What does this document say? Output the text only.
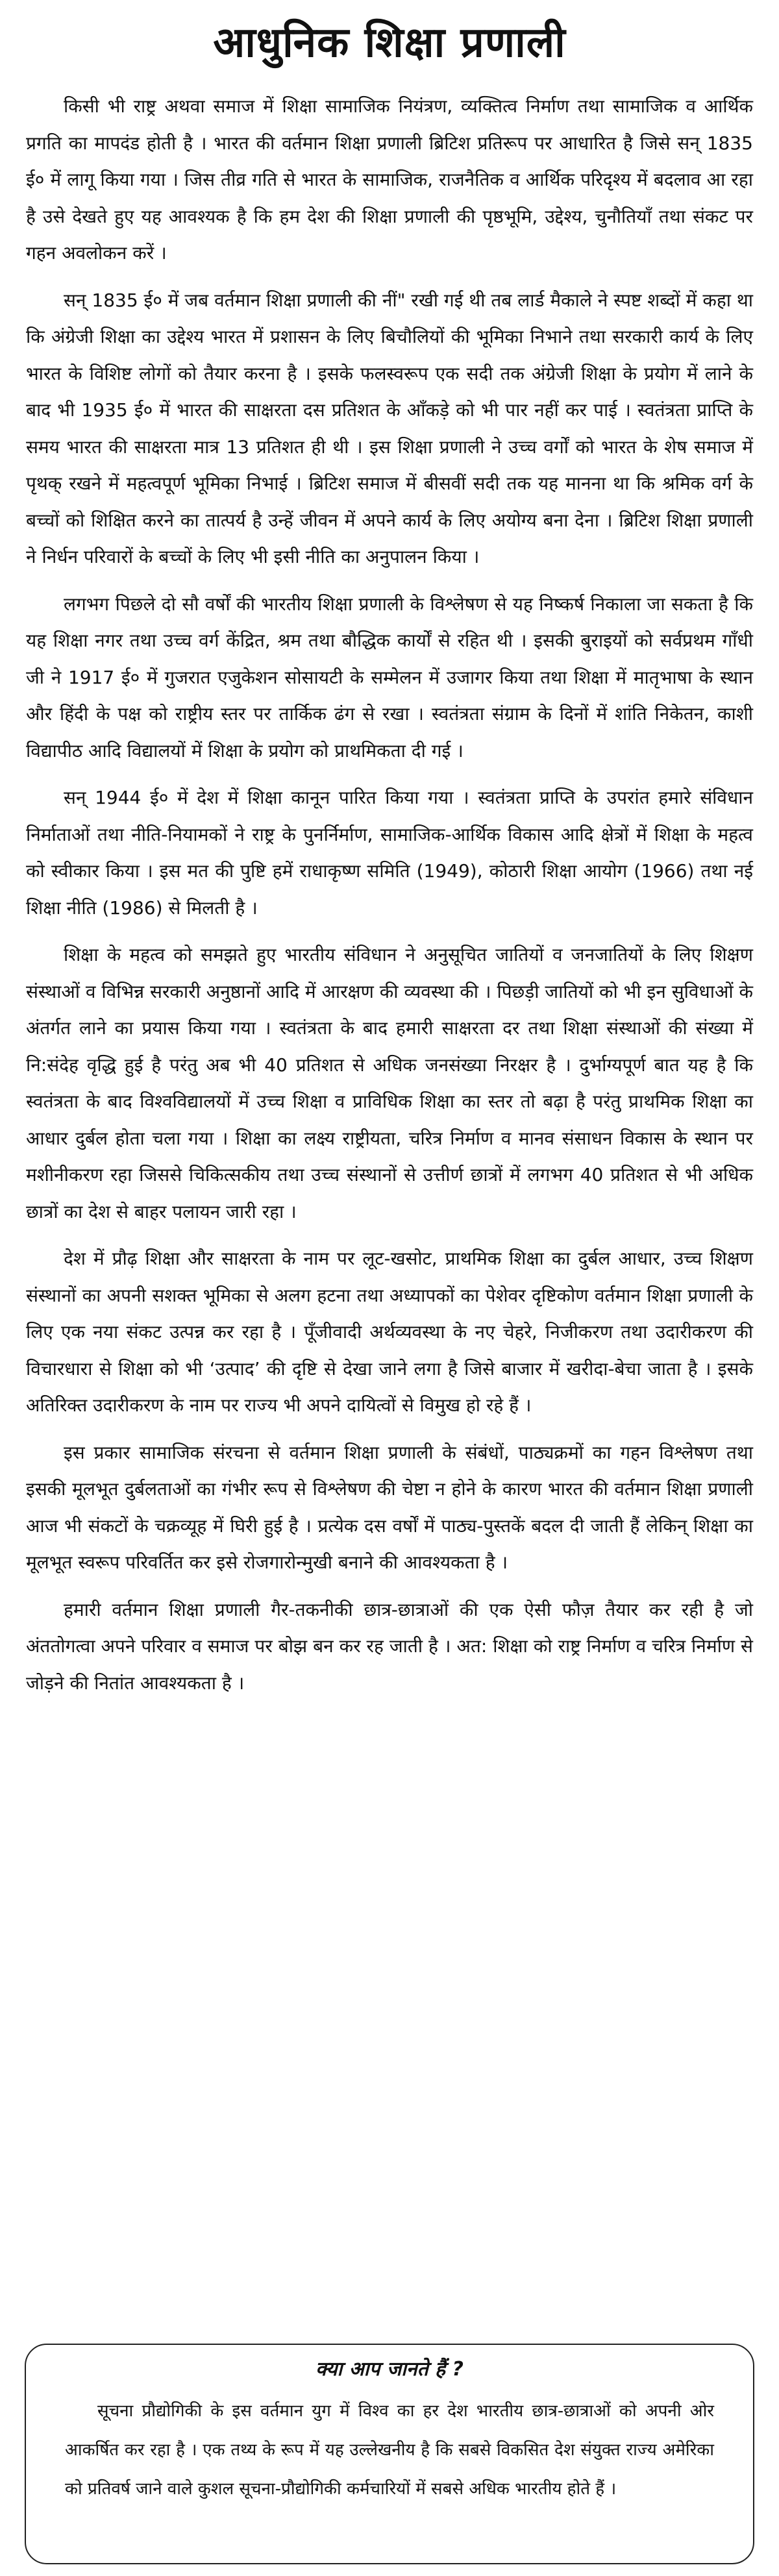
आधुनिक शिक्षा प्रणाली

किसी भी राष्ट्र अथवा समाज में शिक्षा सामाजिक नियंत्रण, व्यक्तित्व निर्माण तथा सामाजिक व आर्थिक प्रगति का मापदंड होती है । भारत की वर्तमान शिक्षा प्रणाली ब्रिटिश प्रतिरूप पर आधारित है जिसे सन् 1835 ई० में लागू किया गया । जिस तीव्र गति से भारत के सामाजिक, राजनैतिक व आर्थिक परिदृश्य में बदलाव आ रहा है उसे देखते हुए यह आवश्यक है कि हम देश की शिक्षा प्रणाली की पृष्ठभूमि, उद्देश्य, चुनौतियाँ तथा संकट पर गहन अवलोकन करें ।

सन् 1835 ई० में जब वर्तमान शिक्षा प्रणाली की नीं" रखी गई थी तब लार्ड मैकाले ने स्पष्ट शब्दों में कहा था कि अंग्रेजी शिक्षा का उद्देश्य भारत में प्रशासन के लिए बिचौलियों की भूमिका निभाने तथा सरकारी कार्य के लिए भारत के विशिष्ट लोगों को तैयार करना है । इसके फलस्वरूप एक सदी तक अंग्रेजी शिक्षा के प्रयोग में लाने के बाद भी 1935 ई० में भारत की साक्षरता दस प्रतिशत के आँकड़े को भी पार नहीं कर पाई । स्वतंत्रता प्राप्ति के समय भारत की साक्षरता मात्र 13 प्रतिशत ही थी । इस शिक्षा प्रणाली ने उच्च वर्गों को भारत के शेष समाज में पृथक् रखने में महत्वपूर्ण भूमिका निभाई । ब्रिटिश समाज में बीसवीं सदी तक यह मानना था कि श्रमिक वर्ग के बच्चों को शिक्षित करने का तात्पर्य है उन्हें जीवन में अपने कार्य के लिए अयोग्य बना देना । ब्रिटिश शिक्षा प्रणाली ने निर्धन परिवारों के बच्चों के लिए भी इसी नीति का अनुपालन किया ।

लगभग पिछले दो सौ वर्षों की भारतीय शिक्षा प्रणाली के विश्लेषण से यह निष्कर्ष निकाला जा सकता है कि यह शिक्षा नगर तथा उच्च वर्ग केंद्रित, श्रम तथा बौद्धिक कार्यों से रहित थी । इसकी बुराइयों को सर्वप्रथम गाँधी जी ने 1917 ई० में गुजरात एजुकेशन सोसायटी के सम्मेलन में उजागर किया तथा शिक्षा में मातृभाषा के स्थान और हिंदी के पक्ष को राष्ट्रीय स्तर पर तार्किक ढंग से रखा । स्वतंत्रता संग्राम के दिनों में शांति निकेतन, काशी विद्यापीठ आदि विद्यालयों में शिक्षा के प्रयोग को प्राथमिकता दी गई ।

सन् 1944 ई० में देश में शिक्षा कानून पारित किया गया । स्वतंत्रता प्राप्ति के उपरांत हमारे संविधान निर्माताओं तथा नीति-नियामकों ने राष्ट्र के पुनर्निर्माण, सामाजिक-आर्थिक विकास आदि क्षेत्रों में शिक्षा के महत्व को स्वीकार किया । इस मत की पुष्टि हमें राधाकृष्ण समिति (1949), कोठारी शिक्षा आयोग (1966) तथा नई शिक्षा नीति (1986) से मिलती है ।

शिक्षा के महत्व को समझते हुए भारतीय संविधान ने अनुसूचित जातियों व जनजातियों के लिए शिक्षण संस्थाओं व विभिन्न सरकारी अनुष्ठानों आदि में आरक्षण की व्यवस्था की । पिछड़ी जातियों को भी इन सुविधाओं के अंतर्गत लाने का प्रयास किया गया । स्वतंत्रता के बाद हमारी साक्षरता दर तथा शिक्षा संस्थाओं की संख्या में नि:संदेह वृद्धि हुई है परंतु अब भी 40 प्रतिशत से अधिक जनसंख्या निरक्षर है । दुर्भाग्यपूर्ण बात यह है कि स्वतंत्रता के बाद विश्वविद्यालयों में उच्च शिक्षा व प्राविधिक शिक्षा का स्तर तो बढ़ा है परंतु प्राथमिक शिक्षा का आधार दुर्बल होता चला गया । शिक्षा का लक्ष्य राष्ट्रीयता, चरित्र निर्माण व मानव संसाधन विकास के स्थान पर मशीनीकरण रहा जिससे चिकित्सकीय तथा उच्च संस्थानों से उत्तीर्ण छात्रों में लगभग 40 प्रतिशत से भी अधिक छात्रों का देश से बाहर पलायन जारी रहा ।

देश में प्रौढ़ शिक्षा और साक्षरता के नाम पर लूट-खसोट, प्राथमिक शिक्षा का दुर्बल आधार, उच्च शिक्षण संस्थानों का अपनी सशक्त भूमिका से अलग हटना तथा अध्यापकों का पेशेवर दृष्टिकोण वर्तमान शिक्षा प्रणाली के लिए एक नया संकट उत्पन्न कर रहा है । पूँजीवादी अर्थव्यवस्था के नए चेहरे, निजीकरण तथा उदारीकरण की विचारधारा से शिक्षा को भी ‘उत्पाद’ की दृष्टि से देखा जाने लगा है जिसे बाजार में खरीदा-बेचा जाता है । इसके अतिरिक्त उदारीकरण के नाम पर राज्य भी अपने दायित्वों से विमुख हो रहे हैं ।

इस प्रकार सामाजिक संरचना से वर्तमान शिक्षा प्रणाली के संबंधों, पाठ्यक्रमों का गहन विश्लेषण तथा इसकी मूलभूत दुर्बलताओं का गंभीर रूप से विश्लेषण की चेष्टा न होने के कारण भारत की वर्तमान शिक्षा प्रणाली आज भी संकटों के चक्रव्यूह में घिरी हुई है । प्रत्येक दस वर्षों में पाठ्य-पुस्तकें बदल दी जाती हैं लेकिन् शिक्षा का मूलभूत स्वरूप परिवर्तित कर इसे रोजगारोन्मुखी बनाने की आवश्यकता है ।

हमारी वर्तमान शिक्षा प्रणाली गैर-तकनीकी छात्र-छात्राओं की एक ऐसी फौज़ तैयार कर रही है जो अंततोगत्वा अपने परिवार व समाज पर बोझ बन कर रह जाती है । अत: शिक्षा को राष्ट्र निर्माण व चरित्र निर्माण से जोड़ने की नितांत आवश्यकता है ।

क्या आप जानते हैं ?

सूचना प्रौद्योगिकी के इस वर्तमान युग में विश्व का हर देश भारतीय छात्र-छात्राओं को अपनी ओर आकर्षित कर रहा है । एक तथ्य के रूप में यह उल्लेखनीय है कि सबसे विकसित देश संयुक्त राज्य अमेरिका को प्रतिवर्ष जाने वाले कुशल सूचना-प्रौद्योगिकी कर्मचारियों में सबसे अधिक भारतीय होते हैं ।
